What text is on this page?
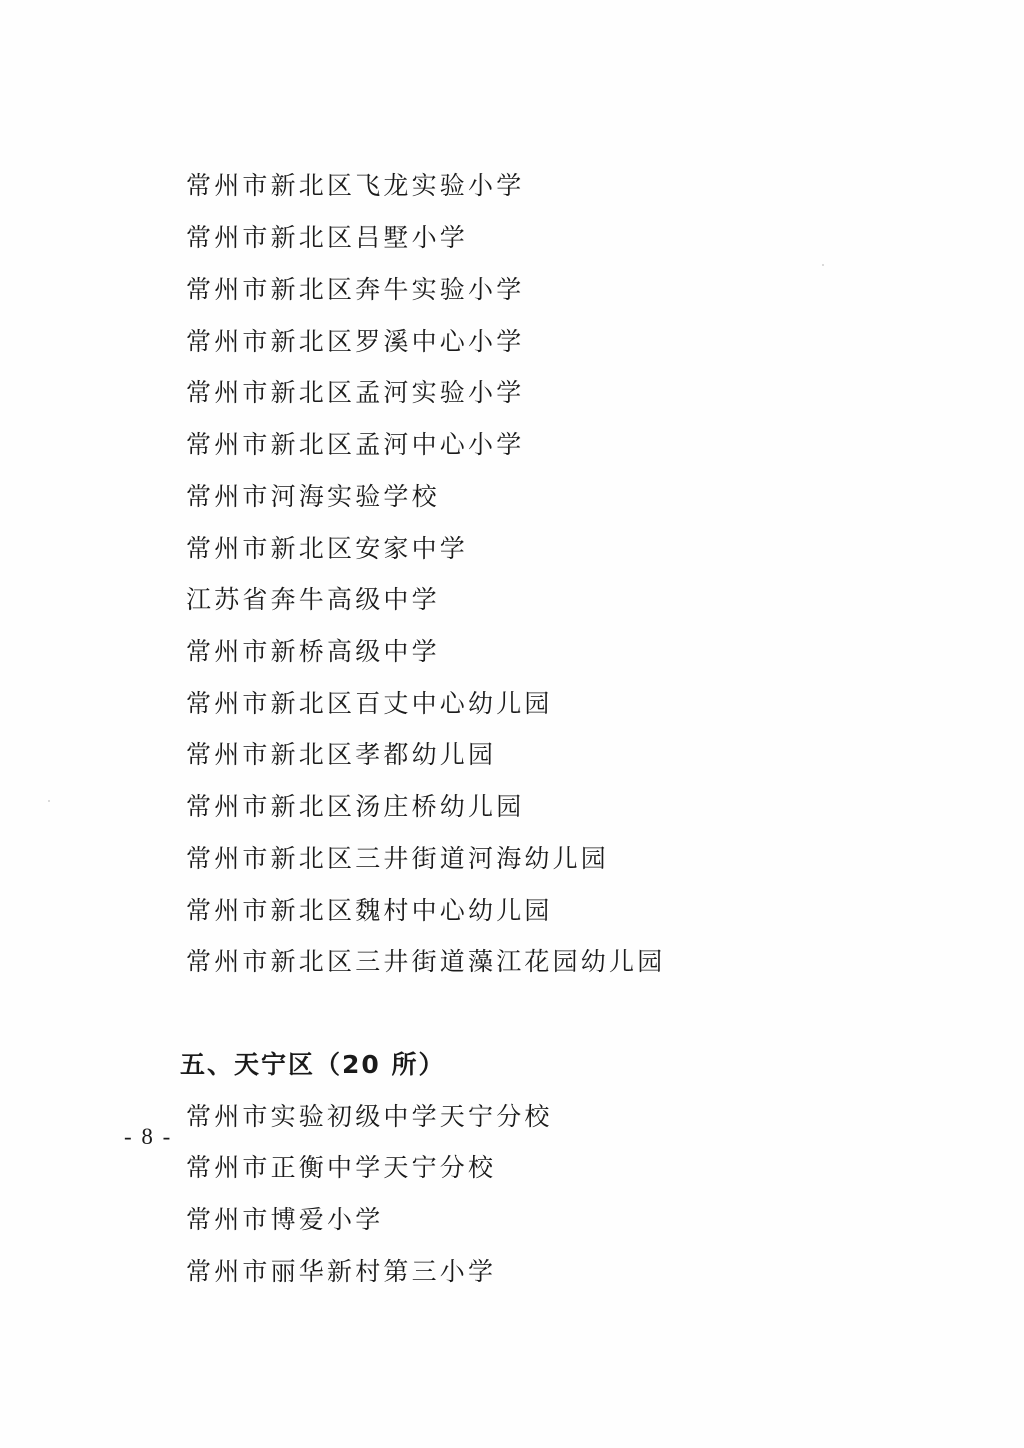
常州市新北区飞龙实验小学
常州市新北区吕墅小学
常州市新北区奔牛实验小学
常州市新北区罗溪中心小学
常州市新北区孟河实验小学
常州市新北区孟河中心小学
常州市河海实验学校
常州市新北区安家中学
江苏省奔牛高级中学
常州市新桥高级中学
常州市新北区百丈中心幼儿园
常州市新北区孝都幼儿园
常州市新北区汤庄桥幼儿园
常州市新北区三井街道河海幼儿园
常州市新北区魏村中心幼儿园
常州市新北区三井街道藻江花园幼儿园
五、天宁区（20 所）
常州市实验初级中学天宁分校
常州市正衡中学天宁分校
常州市博爱小学
常州市丽华新村第三小学
- 8 -
